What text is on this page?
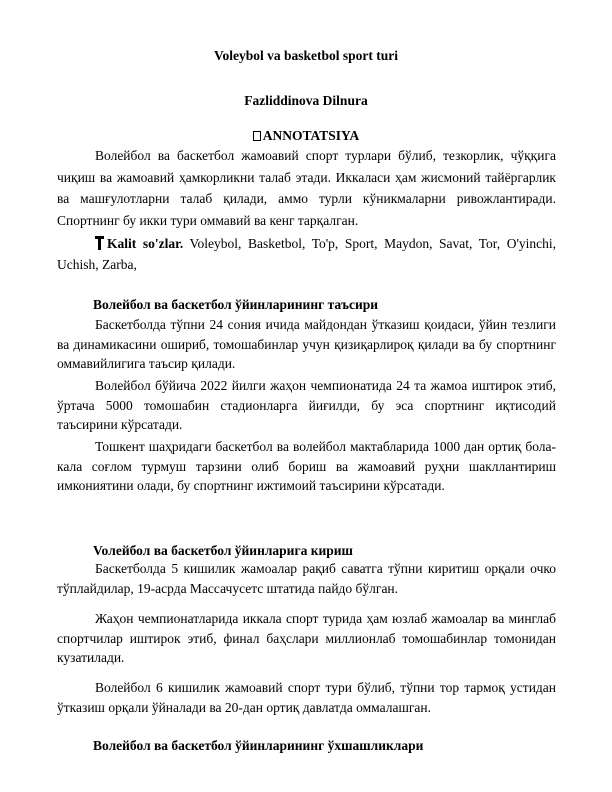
Voleybol va basketbol sport turi
Fazliddinova Dilnura
ANNOTATSIYA
Волейбол ва баскетбол жамоавий спорт турлари бўлиб, тезкорлик, чўққига чиқиш ва жамоавий ҳамкорликни талаб этади. Иккаласи ҳам жисмоний тайёргарлик ва машғулотларни талаб қилади, аммо турли кўникмаларни ривожлантиради. Спортнинг бу икки тури оммавий ва кенг тарқалган.
Kalit so'zlar. Voleybol, Basketbol, To'p, Sport, Maydon, Savat, Tor, O'yinchi, Uchish, Zarba,
Волейбол ва баскетбол ўйинларининг таъсири
Баскетболда тўпни 24 сония ичида майдондан ўтказиш қоидаси, ўйин тезлиги ва динамикасини ошириб, томошабинлар учун қизиқарлироқ қилади ва бу спортнинг оммавийлигига таъсир қилади.
Волейбол бўйича 2022 йилги жаҳон чемпионатида 24 та жамоа иштирок этиб, ўртача 5000 томошабин стадионларга йиғилди, бу эса спортнинг иқтисодий таъсирини кўрсатади.
Тошкент шаҳридаги баскетбол ва волейбол мактабларида 1000 дан ортиқ бола-кала соғлом турмуш тарзини олиб бориш ва жамоавий руҳни шакллантириш имкониятини олади, бу спортнинг ижтимоий таъсирини кўрсатади.
Voлейбол ва баскетбол ўйинларига кириш
Баскетболда 5 кишилик жамоалар рақиб саватга тўпни киритиш орқали очко тўплайдилар, 19-асрда Массачусетс штатида пайдо бўлган.
Жаҳон чемпионатларида иккала спорт турида ҳам юзлаб жамоалар ва минглаб спортчилар иштирок этиб, финал баҳслари миллионлаб томошабинлар томонидан кузатилади.
Волейбол 6 кишилик жамоавий спорт тури бўлиб, тўпни тор тармоқ устидан ўтказиш орқали ўйналади ва 20-дан ортиқ давлатда оммалашган.
Волейбол ва баскетбол ўйинларининг ўхшашликлари
